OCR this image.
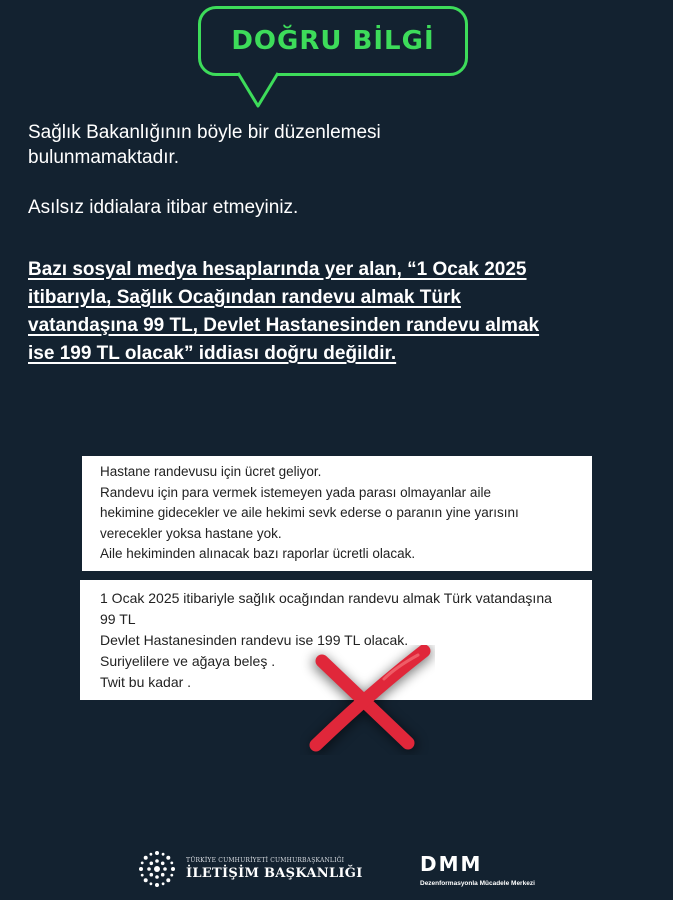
DOĞRU BİLGİ

Sağlık Bakanlığının böyle bir düzenlemesi
bulunmamaktadır.

Asılsız iddialara itibar etmeyiniz.

Bazı sosyal medya hesaplarında yer alan, “1 Ocak 2025
itibarıyla, Sağlık Ocağından randevu almak Türk
vatandaşına 99 TL, Devlet Hastanesinden randevu almak
ise 199 TL olacak” iddiası doğru değildir.
Hastane randevusu için ücret geliyor.
Randevu için para vermek istemeyen yada parası olmayanlar aile
hekimine gidecekler ve aile hekimi sevk ederse o paranın yine yarısını
verecekler yoksa hastane yok.
Aile hekiminden alınacak bazı raporlar ücretli olacak.
1 Ocak 2025 itibariyle sağlık ocağından randevu almak Türk vatandaşına
99 TL
Devlet Hastanesinden randevu ise 199 TL olacak.
Suriyelilere ve ağaya beleş .
Twit bu kadar .
TÜRKİYE CUMHURİYETİ CUMHURBAŞKANLIĞI
İLETİŞİM BAŞKANLIĞI	DMM
Dezenformasyonla Mücadele Merkezi
